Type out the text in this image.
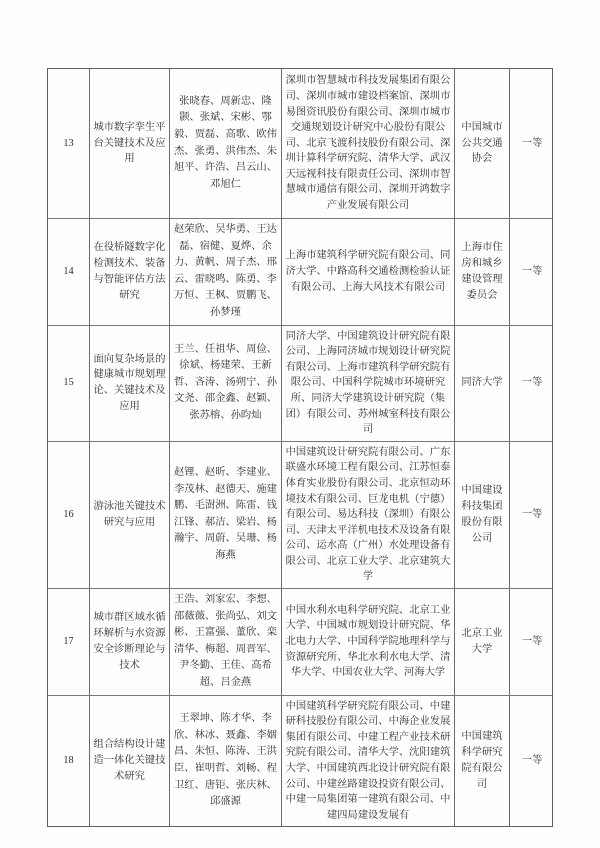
13
城市数字孪生平台关键技术及应用
张晓春、周新忠、隆颢、张斌、宋彬、鄂毅、贾磊、高歌、欧伟杰、张勇、洪伟杰、朱旭平、许浩、吕云山、邓旭仁
深圳市智慧城市科技发展集团有限公司、深圳市城市建设档案馆、深圳市易图资讯股份有限公司、深圳市城市交通规划设计研究中心股份有限公司、北京飞渡科技股份有限公司、深圳计算科学研究院、清华大学、武汉天远视科技有限责任公司、深圳市智慧城市通信有限公司、深圳开鸿数字产业发展有限公司
中国城市公共交通协会
一等
14
在役桥隧数字化检测技术、装备与智能评估方法研究
赵荣欣、吴华勇、王达磊、宿健、夏烨、余力、黄帆、周子杰、邢云、雷晓鸣、陈勇、李万恒、王枫、贾鹏飞、孙梦瑾
上海市建筑科学研究院有限公司、同济大学、中路高科交通检测检验认证有限公司、上海大风技术有限公司
上海市住房和城乡建设管理委员会
一等
15
面向复杂场景的健康城市规划理论、关键技术及应用
王兰、任祖华、周俭、徐斌、杨建荣、王新哲、吝涛、汤朔宁、孙文尧、邵金鑫、赵颖、张苏榕、孙昀灿
同济大学、中国建筑设计研究院有限公司、上海同济城市规划设计研究院有限公司、上海市建筑科学研究院有限公司、中国科学院城市环境研究所、同济大学建筑设计研究院（集团）有限公司、苏州城室科技有限公司
同济大学 一等
16
游泳池关键技术研究与应用
赵锂、赵昕、李建业、李茂林、赵德天、施建鹏、毛澍洲、陈雷、钱江锋、郝洁、梁岩、杨瀚宇、周蔚、吴珊、杨海燕
中国建筑设计研究院有限公司、广东联盛水环境工程有限公司、江苏恒泰体育实业股份有限公司、北京恒动环境技术有限公司、巨龙电机（宁德）有限公司、易达科技（深圳）有限公司、天津太平洋机电技术及设备有限公司、运水高（广州）水处理设备有限公司、北京工业大学、北京建筑大学
中国建设科技集团股份有限公司
一等
17
城市群区域水循环解析与水资源安全诊断理论与技术
王浩、刘家宏、李想、邵薇薇、张尚弘、刘文彬、王富强、董欣、栾清华、梅超、周晋军、尹冬勤、王佳、高希超、吕金燕
中国水利水电科学研究院、北京工业大学、中国城市规划设计研究院、华北电力大学、中国科学院地理科学与资源研究所、华北水利水电大学、清华大学、中国农业大学、河海大学
北京工业大学
一等
18
组合结构设计建造一体化关键技术研究
王翠坤、陈才华、李欣、林冰、聂鑫、李姻昌、朱恒、陈涛、王洪臣、崔明哲、刘畅、程卫红、唐钜、张庆林、邱盛源
中国建筑科学研究院有限公司、中建研科技股份有限公司、中海企业发展集团有限公司、中建工程产业技术研究院有限公司、清华大学、沈阳建筑大学、中国建筑西北设计研究院有限公司、中建丝路建设投资有限公司、中建一局集团第一建筑有限公司、中建四局建设发展有
中国建筑科学研究院有限公司
一等
